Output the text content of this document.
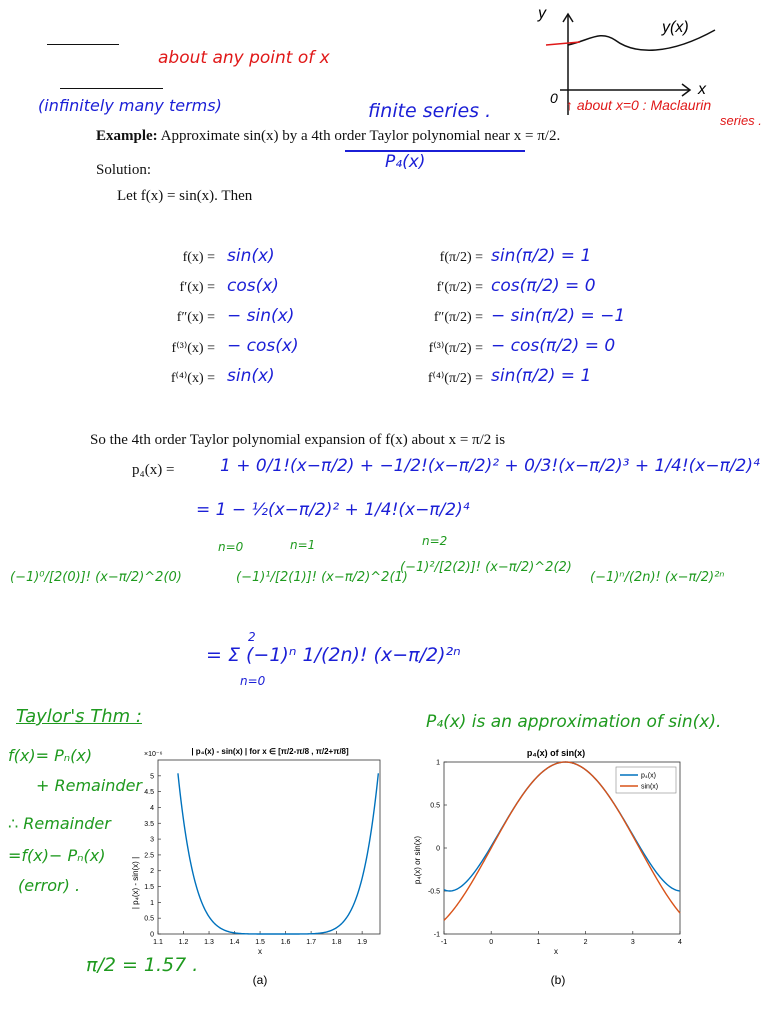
about any point of x
(infinitely many terms)	finite series .
y
y(x)
x
0 ↑ about x=0 : Maclaurin
series .
Example: Approximate sin(x) by a 4th order Taylor polynomial near x = π/2.
P₄(x)
Solution:
Let f(x) = sin(x). Then
f(x) = sin(x)	f(π/2) = sin(π/2) = 1
f′(x) = cos(x)	f′(π/2) = cos(π/2) = 0
f″(x) = − sin(x)	f″(π/2) = − sin(π/2) = −1
f⁽³⁾(x) = − cos(x)	f⁽³⁾(π/2) = − cos(π/2) = 0
f⁽⁴⁾(x) = sin(x)	f⁽⁴⁾(π/2) = sin(π/2) = 1
So the 4th order Taylor polynomial expansion of f(x) about x = π/2 is
p₄(x) =	1 + 0/1!(x−π/2) + −1/2!(x−π/2)² + 0/3!(x−π/2)³ + 1/4!(x−π/2)⁴
= 1 − ½(x−π/2)² + 1/4!(x−π/2)⁴
n=0	n=1	n=2
(−1)⁰/[2(0)]! (x−π/2)^2(0)	(−1)¹/[2(1)]! (x−π/2)^2(1)
(−1)²/[2(2)]! (x−π/2)^2(2)
(−1)ⁿ/(2n)! (x−π/2)²ⁿ
2
= Σ (−1)ⁿ 1/(2n)! (x−π/2)²ⁿ
n=0
Taylor's Thm :
f(x)= Pₙ(x)
+ Remainder
∴ Remainder
=f(x)− Pₙ(x)
(error) .
π/2 = 1.57 .
P₄(x) is an approximation of sin(x).
| p₄(x) - sin(x) | for x ∈ [π/2-π/8 , π/2+π/8]
×10⁻⁶
| p₄(x) - sin(x) |
x
(a)
1.1 1.2 1.3 1.4 1.5 1.6 1.7 1.8 1.9
0
0.5
1
1.5
2
2.5
3
3.5
4
4.5
5
p₄(x) of sin(x)
p₄(x) or sin(x)
x
(b)
-1	0	1	2	3	4
-1
-0.5
0
0.5
1
p₄(x)
sin(x)
